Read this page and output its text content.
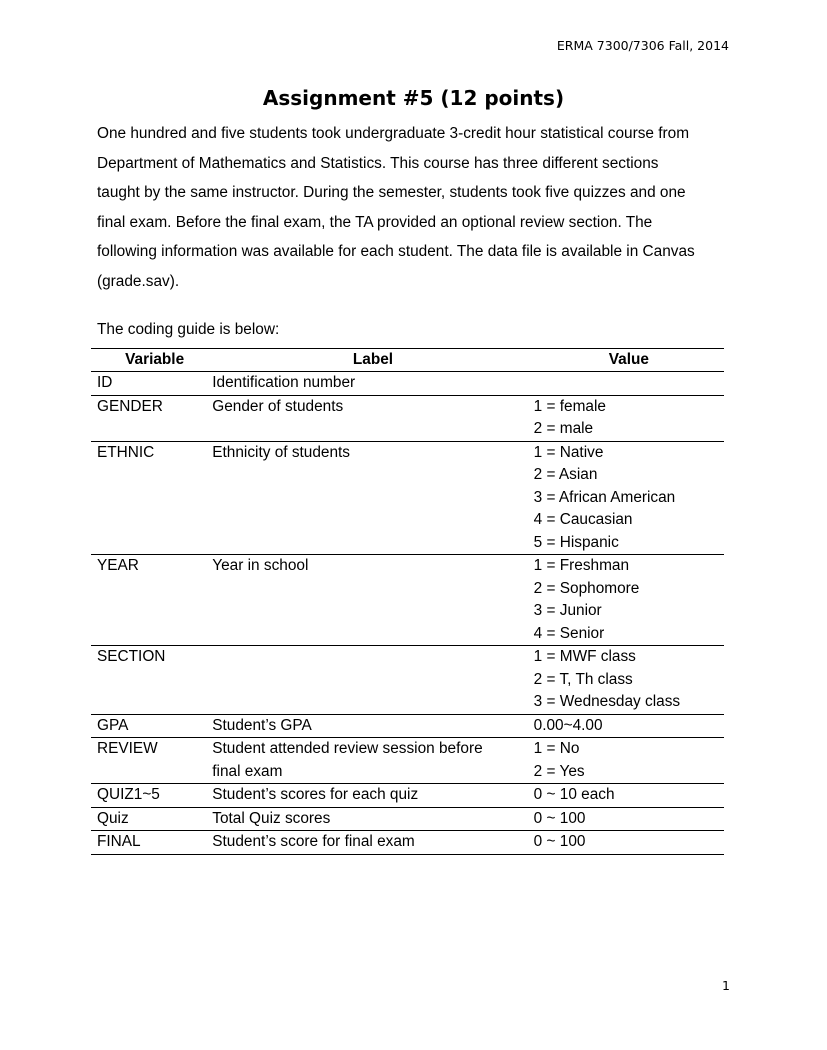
ERMA 7300/7306 Fall, 2014
Assignment #5 (12 points)

One hundred and five students took undergraduate 3-credit hour statistical course from
Department of Mathematics and Statistics. This course has three different sections
taught by the same instructor. During the semester, students took five quizzes and one
final exam. Before the final exam, the TA provided an optional review section. The
following information was available for each student. The data file is available in Canvas
(grade.sav).

The coding guide is below:

Variable	Label	Value
ID	Identification number	

GENDER	Gender of students	1 = female
2 = male

ETHNIC	Ethnicity of students	1 = Native
2 = Asian
3 = African American
4 = Caucasian
5 = Hispanic

YEAR	Year in school	1 = Freshman
2 = Sophomore
3 = Junior
4 = Senior

SECTION		1 = MWF class
2 = T, Th class
3 = Wednesday class

GPA	Student’s GPA	0.00~4.00

REVIEW	Student attended review session before
final exam	1 = No
2 = Yes

QUIZ1~5	Student’s scores for each quiz	0 ~ 10 each

Quiz	Total Quiz scores	0 ~ 100

FINAL	Student’s score for final exam	0 ~ 100
1
